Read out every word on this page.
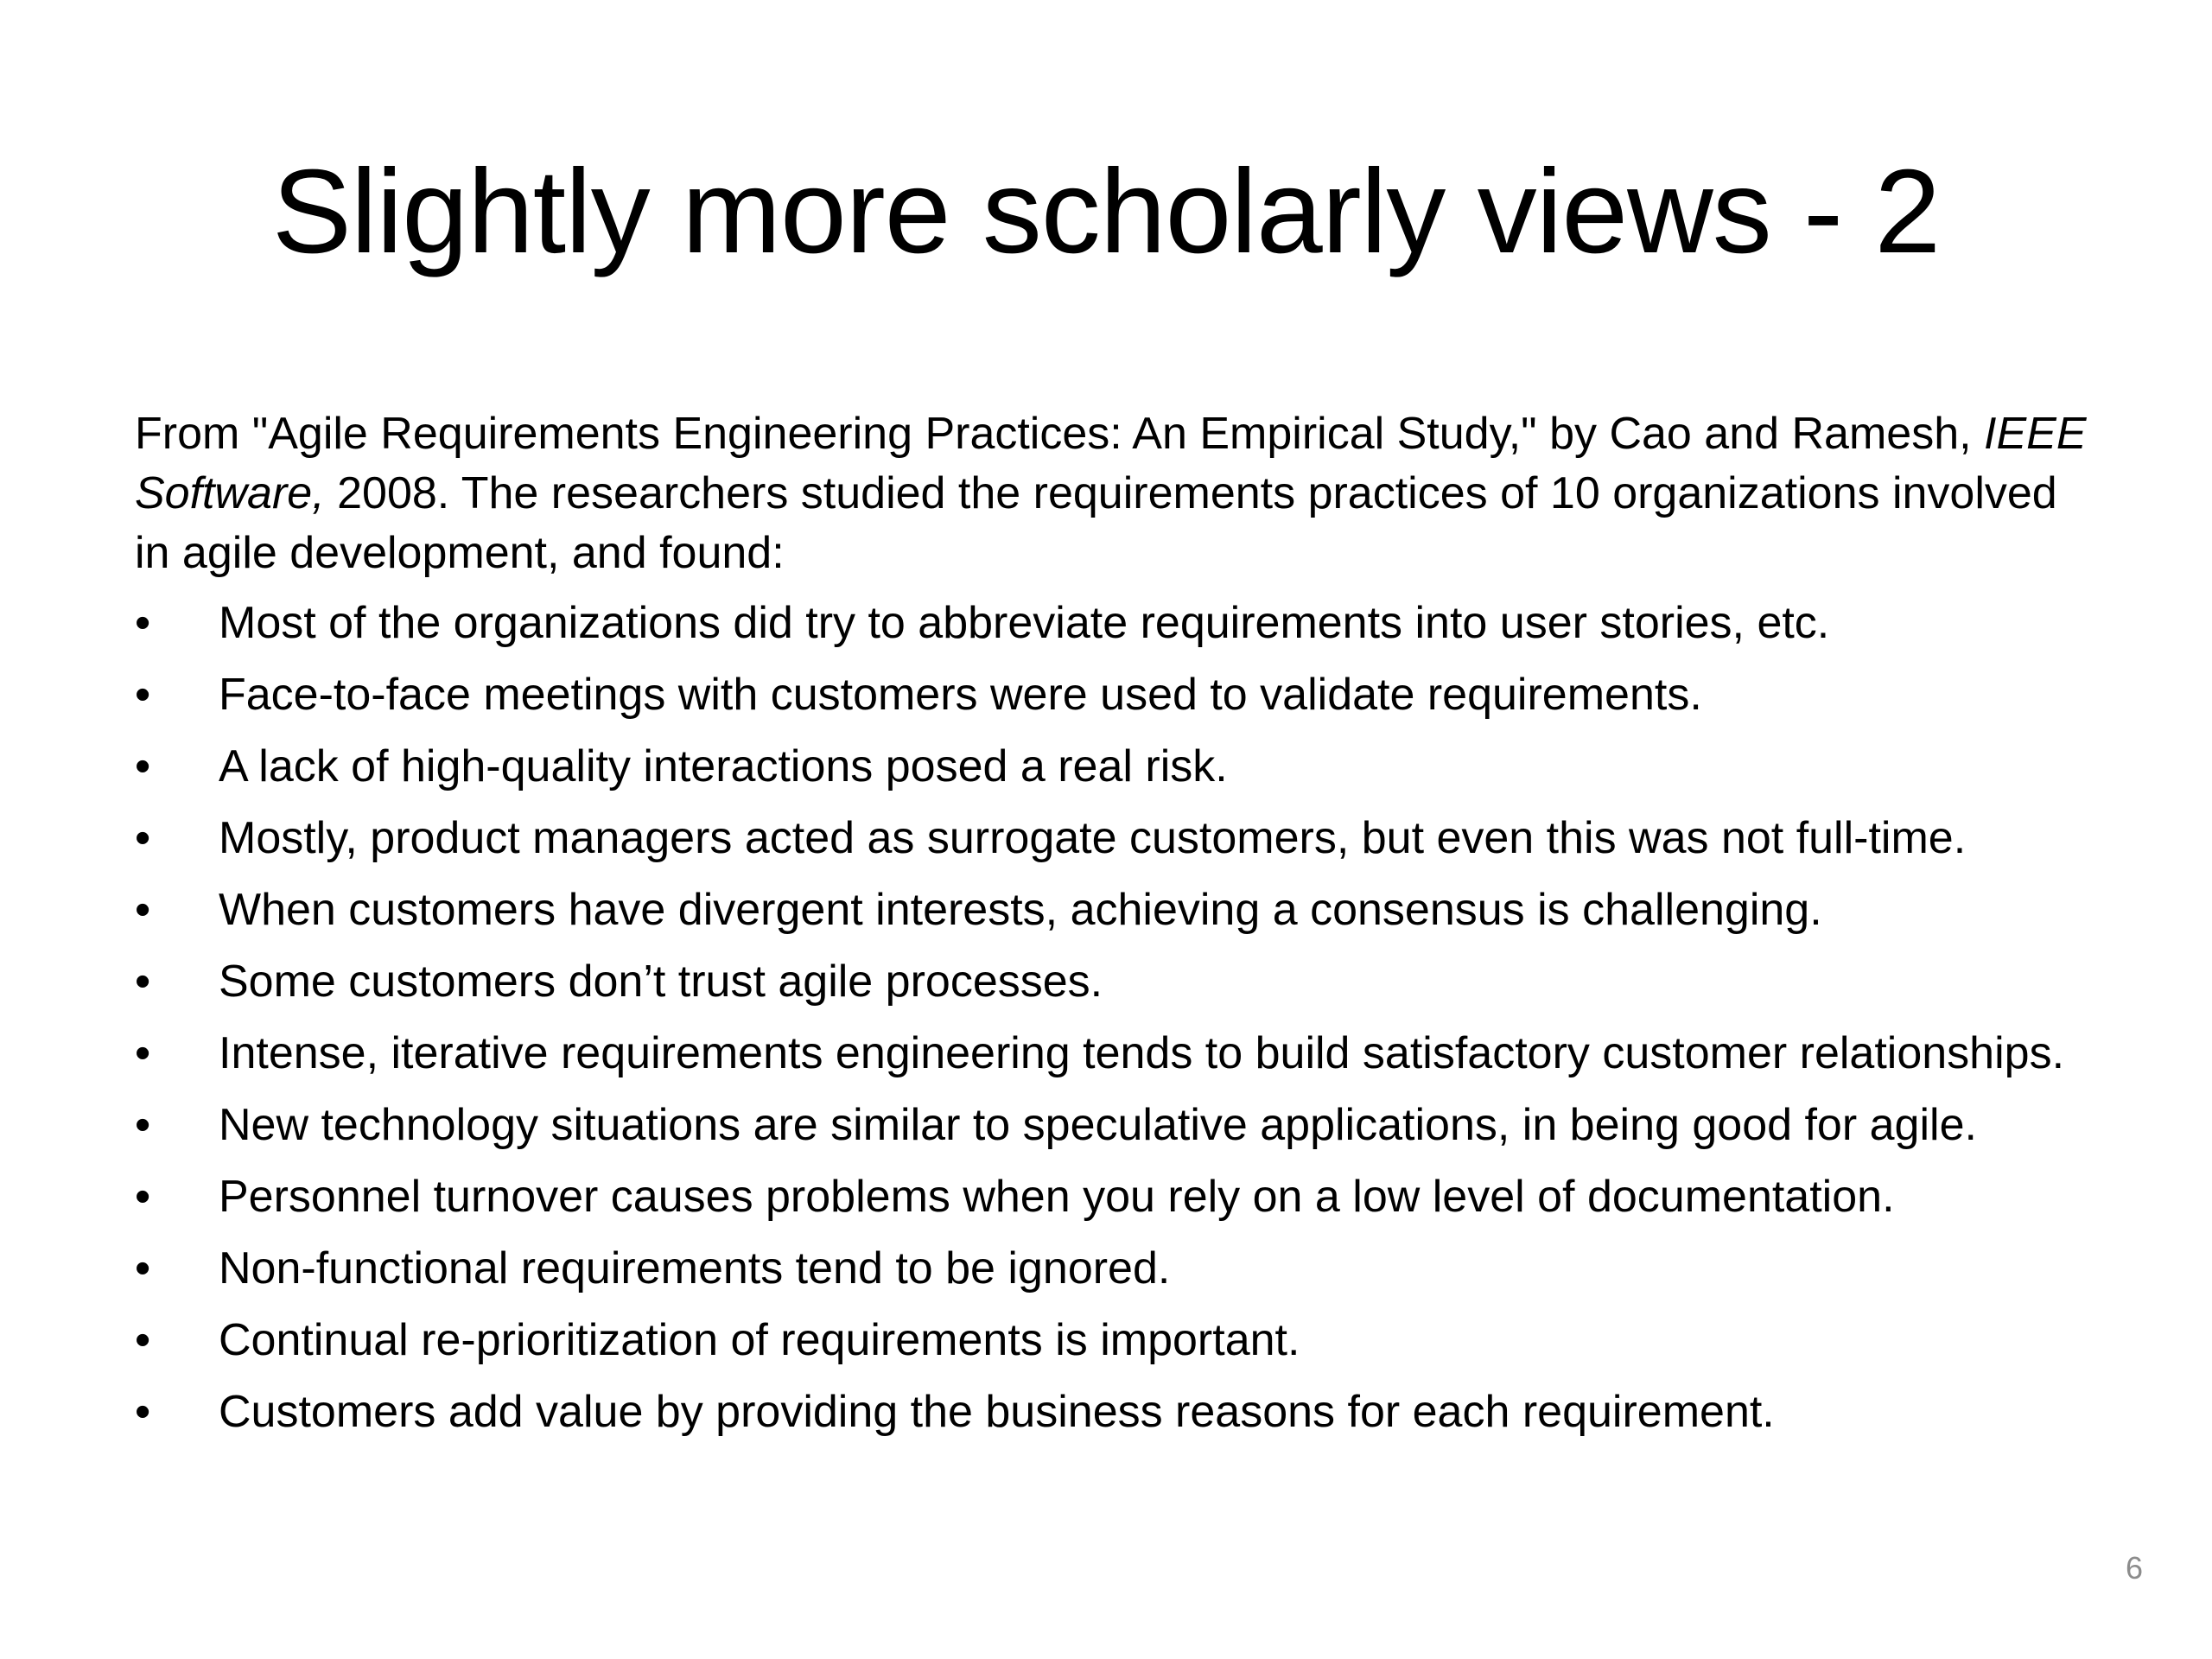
Slightly more scholarly views - 2

From "Agile Requirements Engineering Practices: An Empirical Study," by Cao and Ramesh, IEEE Software, 2008. The researchers studied the requirements practices of 10 organizations involved in agile development, and found:

•	Most of the organizations did try to abbreviate requirements into user stories, etc.
•	Face-to-face meetings with customers were used to validate requirements.
•	A lack of high-quality interactions posed a real risk.
•	Mostly, product managers acted as surrogate customers, but even this was not full-time.
•	When customers have divergent interests, achieving a consensus is challenging.
•	Some customers don’t trust agile processes.
•	Intense, iterative requirements engineering tends to build satisfactory customer relationships.
•	New technology situations are similar to speculative applications, in being good for agile.
•	Personnel turnover causes problems when you rely on a low level of documentation.
•	Non-functional requirements tend to be ignored.
•	Continual re-prioritization of requirements is important.
•	Customers add value by providing the business reasons for each requirement.
6
